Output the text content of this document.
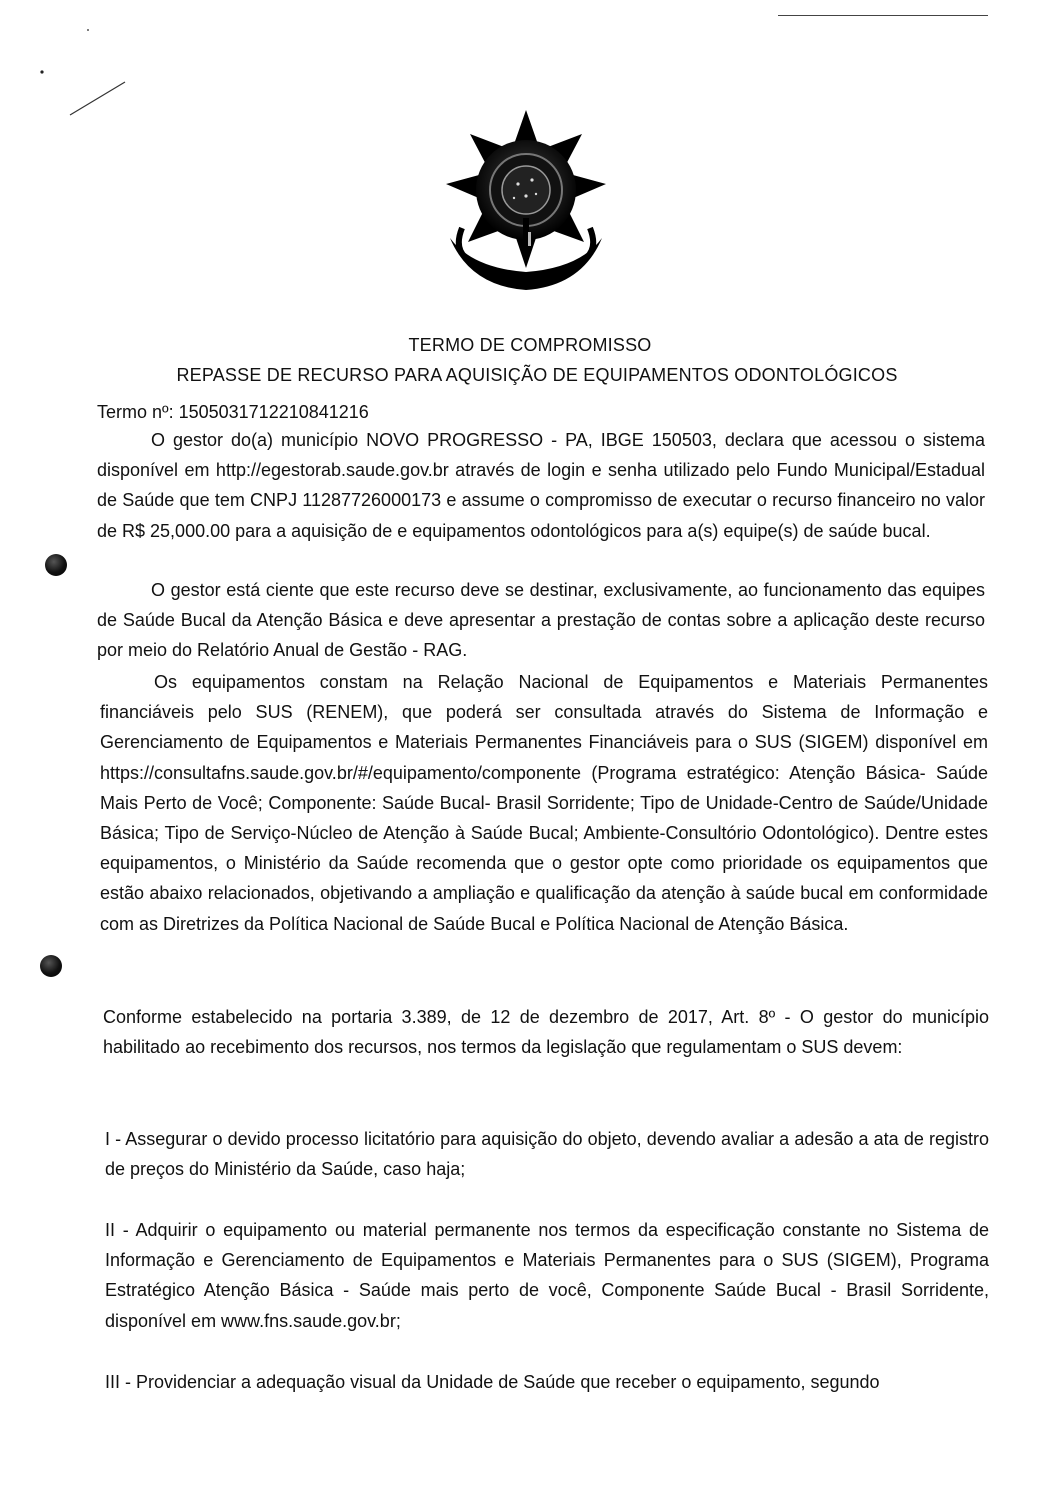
TERMO DE COMPROMISSO
REPASSE DE RECURSO PARA AQUISIÇÃO DE EQUIPAMENTOS ODONTOLÓGICOS
Termo nº: 1505031712210841216

O gestor do(a) município NOVO PROGRESSO - PA, IBGE 150503, declara que acessou o sistema disponível em http://egestorab.saude.gov.br através de login e senha utilizado pelo Fundo Municipal/Estadual de Saúde que tem CNPJ 11287726000173 e assume o compromisso de executar o recurso financeiro no valor de R$ 25,000.00 para a aquisição de e equipamentos odontológicos para a(s) equipe(s) de saúde bucal.

O gestor está ciente que este recurso deve se destinar, exclusivamente, ao funcionamento das equipes de Saúde Bucal da Atenção Básica e deve apresentar a prestação de contas sobre a aplicação deste recurso por meio do Relatório Anual de Gestão - RAG.

Os equipamentos constam na Relação Nacional de Equipamentos e Materiais Permanentes financiáveis pelo SUS (RENEM), que poderá ser consultada através do Sistema de Informação e Gerenciamento de Equipamentos e Materiais Permanentes Financiáveis para o SUS (SIGEM) disponível em https://consultafns.saude.gov.br/#/equipamento/componente (Programa estratégico: Atenção Básica- Saúde Mais Perto de Você; Componente: Saúde Bucal- Brasil Sorridente; Tipo de Unidade-Centro de Saúde/Unidade Básica; Tipo de Serviço-Núcleo de Atenção à Saúde Bucal; Ambiente-Consultório Odontológico). Dentre estes equipamentos, o Ministério da Saúde recomenda que o gestor opte como prioridade os equipamentos que estão abaixo relacionados, objetivando a ampliação e qualificação da atenção à saúde bucal em conformidade com as Diretrizes da Política Nacional de Saúde Bucal e Política Nacional de Atenção Básica.

Conforme estabelecido na portaria 3.389, de 12 de dezembro de 2017, Art. 8º - O gestor do município habilitado ao recebimento dos recursos, nos termos da legislação que regulamentam o SUS devem:

I - Assegurar o devido processo licitatório para aquisição do objeto, devendo avaliar a adesão a ata de registro de preços do Ministério da Saúde, caso haja;

II - Adquirir o equipamento ou material permanente nos termos da especificação constante no Sistema de Informação e Gerenciamento de Equipamentos e Materiais Permanentes para o SUS (SIGEM), Programa Estratégico Atenção Básica - Saúde mais perto de você, Componente Saúde Bucal - Brasil Sorridente, disponível em www.fns.saude.gov.br;

III - Providenciar a adequação visual da Unidade de Saúde que receber o equipamento, segundo
